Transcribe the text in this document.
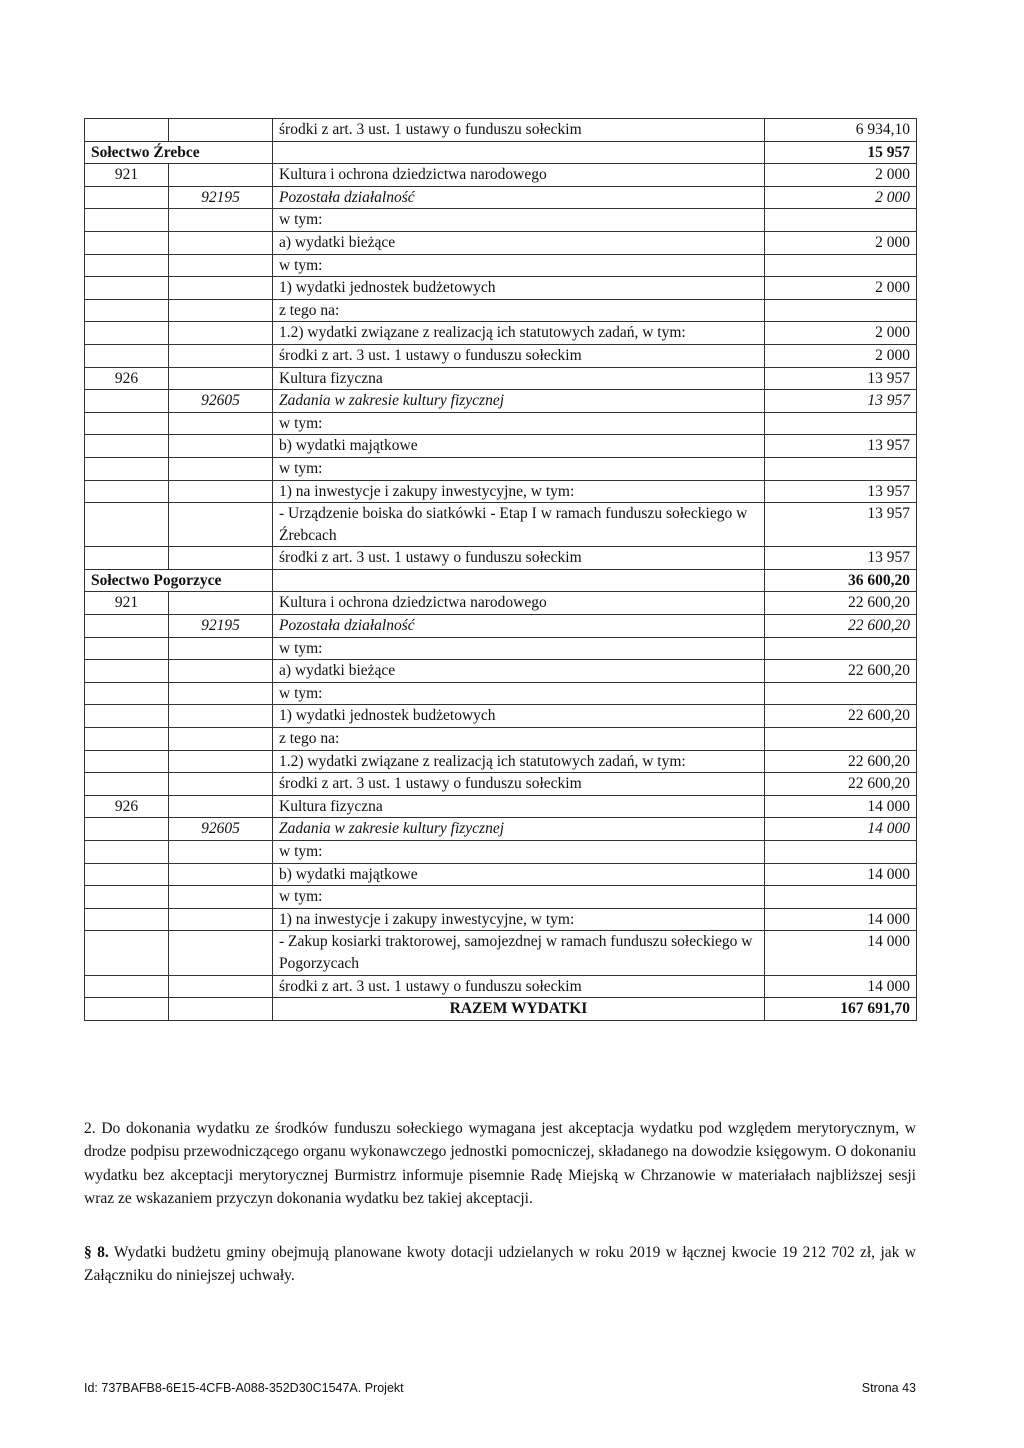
		środki z art. 3 ust. 1 ustawy o funduszu sołeckim	6 934,10
Sołectwo Źrebce			15 957
921		Kultura i ochrona dziedzictwa narodowego	2 000
	92195	Pozostała działalność	2 000
		w tym:	
		a) wydatki bieżące	2 000
		w tym:	
		1) wydatki jednostek budżetowych	2 000
		z tego na:	
		1.2) wydatki związane z realizacją ich statutowych zadań, w tym:	2 000
		środki z art. 3 ust. 1 ustawy o funduszu sołeckim	2 000
926		Kultura fizyczna	13 957
	92605	Zadania w zakresie kultury fizycznej	13 957
		w tym:	
		b) wydatki majątkowe	13 957
		w tym:	
		1) na inwestycje i zakupy inwestycyjne, w tym:	13 957
		- Urządzenie boiska do siatkówki - Etap I w ramach funduszu sołeckiego w Źrebcach	13 957
		środki z art. 3 ust. 1 ustawy o funduszu sołeckim	13 957
Sołectwo Pogorzyce			36 600,20
921		Kultura i ochrona dziedzictwa narodowego	22 600,20
	92195	Pozostała działalność	22 600,20
		w tym:	
		a) wydatki bieżące	22 600,20
		w tym:	
		1) wydatki jednostek budżetowych	22 600,20
		z tego na:	
		1.2) wydatki związane z realizacją ich statutowych zadań, w tym:	22 600,20
		środki z art. 3 ust. 1 ustawy o funduszu sołeckim	22 600,20
926		Kultura fizyczna	14 000
	92605	Zadania w zakresie kultury fizycznej	14 000
		w tym:	
		b) wydatki majątkowe	14 000
		w tym:	
		1) na inwestycje i zakupy inwestycyjne, w tym:	14 000
		- Zakup kosiarki traktorowej, samojezdnej w ramach funduszu sołeckiego w Pogorzycach	14 000
		środki z art. 3 ust. 1 ustawy o funduszu sołeckim	14 000
		RAZEM WYDATKI	167 691,70

2. Do dokonania wydatku ze środków funduszu sołeckiego wymagana jest akceptacja wydatku pod względem merytorycznym, w drodze podpisu przewodniczącego organu wykonawczego jednostki pomocniczej, składanego na dowodzie księgowym. O dokonaniu wydatku bez akceptacji merytorycznej Burmistrz informuje pisemnie Radę Miejską w Chrzanowie w materiałach najbliższej sesji wraz ze wskazaniem przyczyn dokonania wydatku bez takiej akceptacji.

§ 8. Wydatki budżetu gminy obejmują planowane kwoty dotacji udzielanych w roku 2019 w łącznej kwocie 19 212 702 zł, jak w Załączniku do niniejszej uchwały.

Id: 737BAFB8-6E15-4CFB-A088-352D30C1547A. Projekt	Strona 43
